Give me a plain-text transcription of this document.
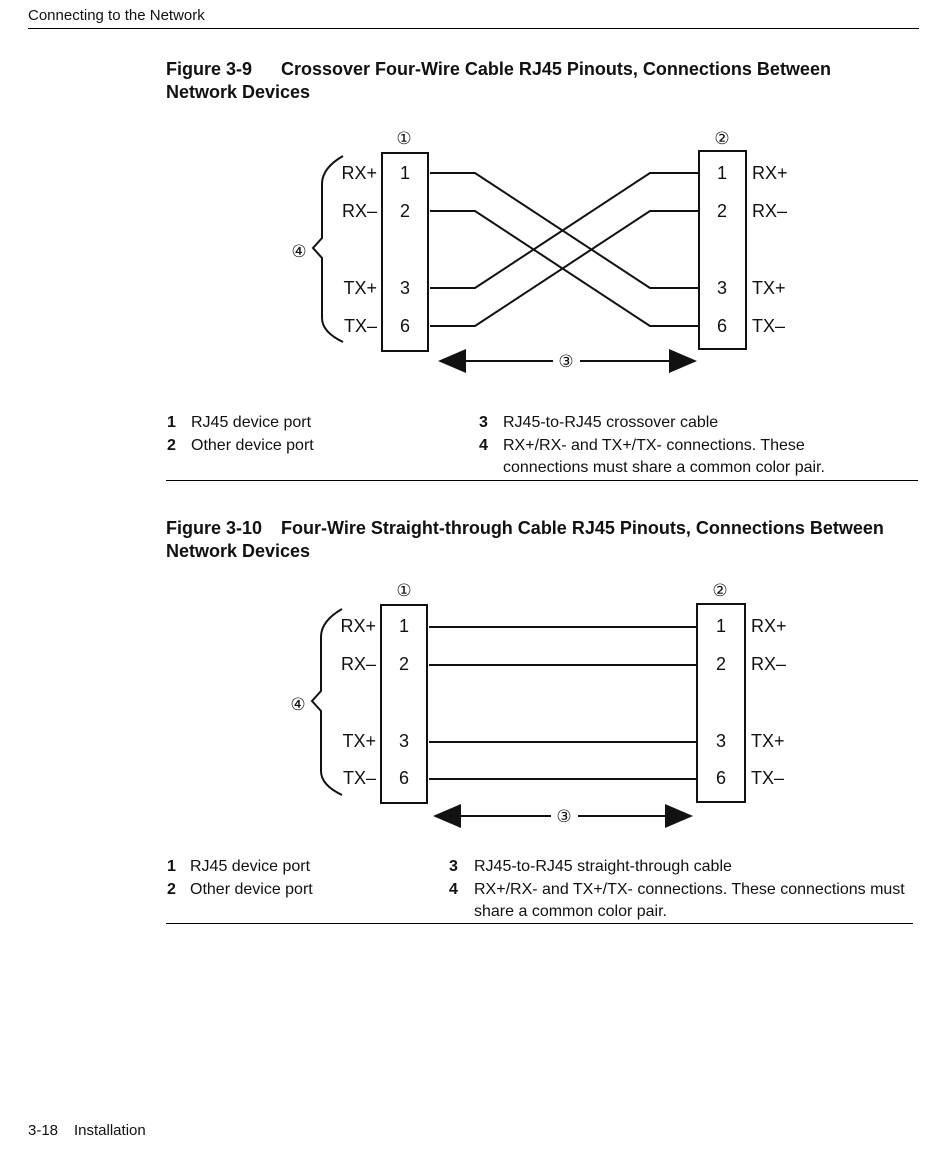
Connecting to the Network
Figure 3-9 Crossover Four-Wire Cable RJ45 Pinouts, Connections Between Network Devices
①	②
④
RX+
RX–
TX+
TX–
1
2
3
6
1
2
3
6
RX+
RX–
TX+
TX–
③
1 RJ45 device port
2 Other device port
3 RJ45-to-RJ45 crossover cable
4 RX+/RX- and TX+/TX- connections. These connections must share a common color pair.
Figure 3-10 Four-Wire Straight-through Cable RJ45 Pinouts, Connections Between Network Devices
①	②
④
RX+
RX–
TX+
TX–
1
2
3
6
1
2
3
6
RX+
RX–
TX+
TX–
③
1 RJ45 device port
2 Other device port
3 RJ45-to-RJ45 straight-through cable
4 RX+/RX- and TX+/TX- connections. These connections must share a common color pair.
3-18 Installation
